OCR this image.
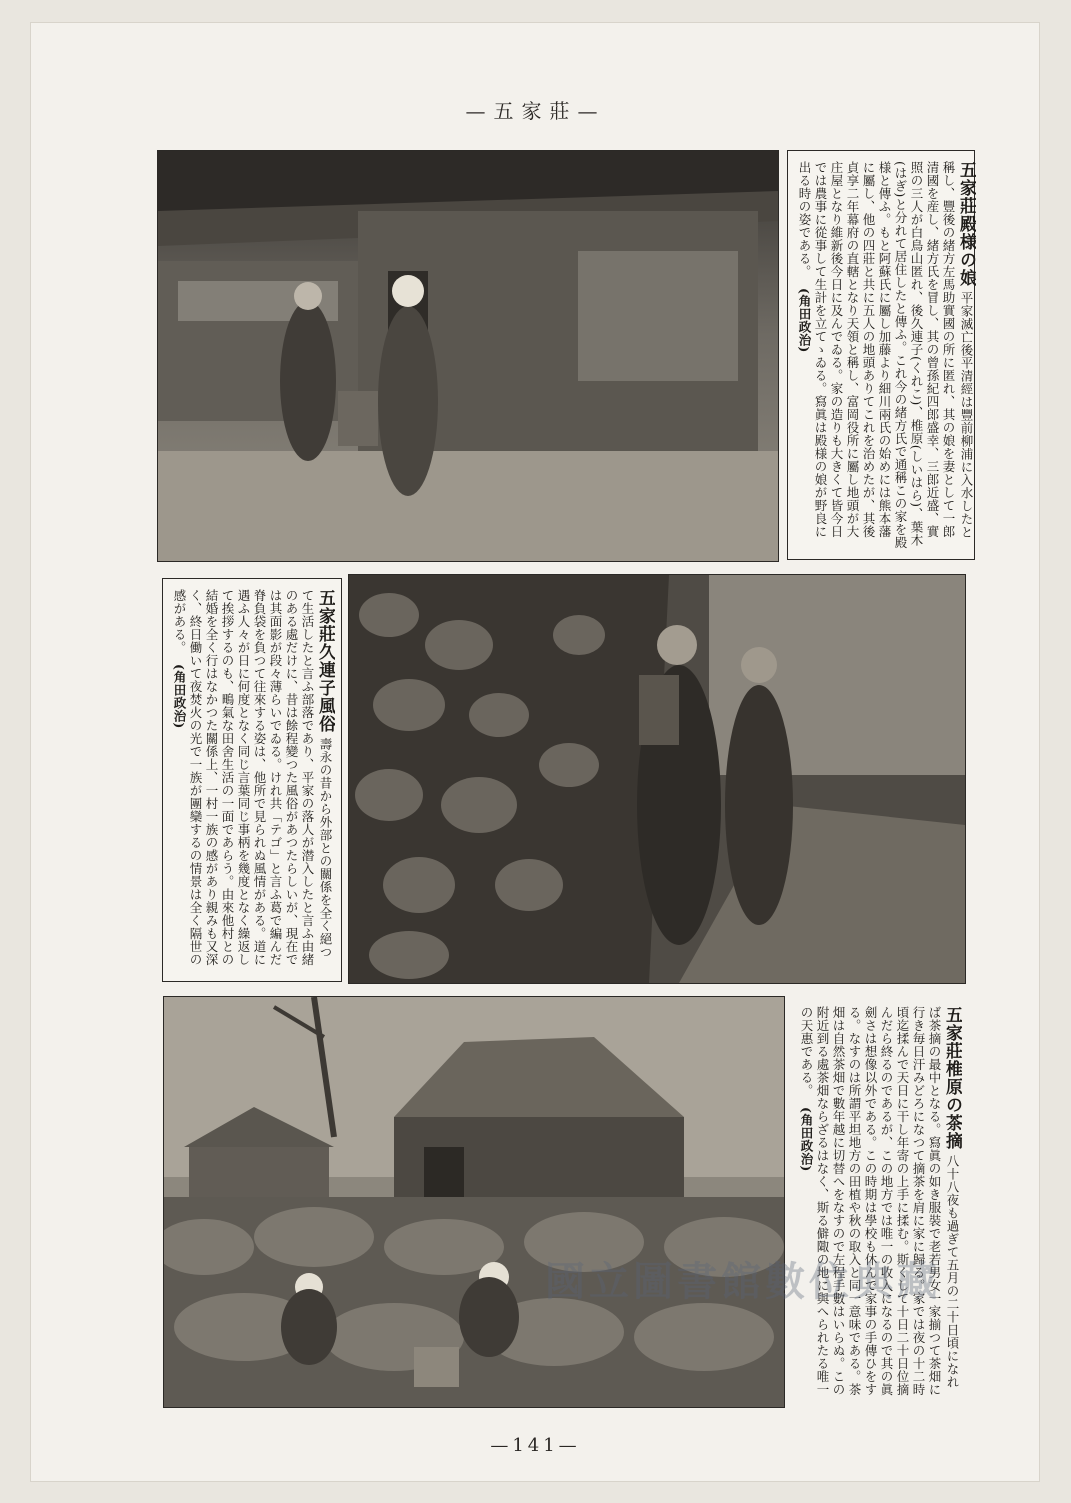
—五家莊—
五家莊殿様の娘 平家滅亡後平清經は豐前柳浦に入水したと稱し、豐後の緒方左馬助實國の所に匿れ、其の娘を妻として一郎清國を産し、緒方氏を冒し、其の曾孫紀四郎盛幸、三郎近盛、實照の三人が白鳥山匿れ、後久連子(くれこ)、椎原(しいはら)、葉木(はぎ)と分れて居住したと傳ふ。これ今の緒方氏で通稱この家を殿様と傳ふ。もと阿蘇氏に屬し加藤より細川兩氏の始めには熊本藩に屬し、他の四莊と共に五人の地頭ありてこれを治めたが、其後貞享二年幕府の直轄となり天領と稱し、富岡役所に屬し地頭が大庄屋となり維新後今日に及んでゐる。家の造りも大きくて皆今日では農事に從事して生計を立てゝゐる。寫眞は殿様の娘が野良に出る時の姿である。 (角田政治)
五家莊久連子風俗 壽永の昔から外部との關係を全く絕つて生活したと言ふ部落であり、平家の落人が潜入したと言ふ由緒のある處だけに、昔は餘程變つた風俗があつたらしいが、現在では其面影が段々薄らいでゐる。けれ共「テゴ」と言ふ葛で編んだ脊負袋を負つて往來する姿は、他所で見られぬ風情がある。道に遇ふ人々が日に何度となく同じ言葉同じ事柄を幾度となく繰返して挨拶するのも、鴫氣な田舍生活の一面であらう。由來他村との結婚を全く行はなかつた關係上、一村一族の感があり親みも又深く、終日働いて夜焚火の光で一族が團欒するの情景は全く隔世の感がある。 (角田政治)
五家莊椎原の茶摘 八十八夜も過ぎて五月の二十日頃になれば茶摘の最中となる。寫眞の如き服裝で老若男女一家揃つて茶畑に行き毎日汗みどろになつて摘茶を肩に家に歸る。家では夜の十二時頃迄揉んで天日に干し年寄の上手に揉む。斯くして十日二十日位摘んだら終るのであるが、この地方では唯一の收入になるので其の眞劍さは想像以外である。この時期は學校も休んで家事の手傳ひをする。なすのは所謂平坦地方の田植や秋の取入と同一意味である。茶畑は自然茶畑で數年越に切替へをなすので左程手數はいらぬ。この附近到る處茶畑ならざるはなく、斯る僻陬の地に與へられたる唯一の天惠である。 (角田政治)
國立圖書館數位典藏
—141—
